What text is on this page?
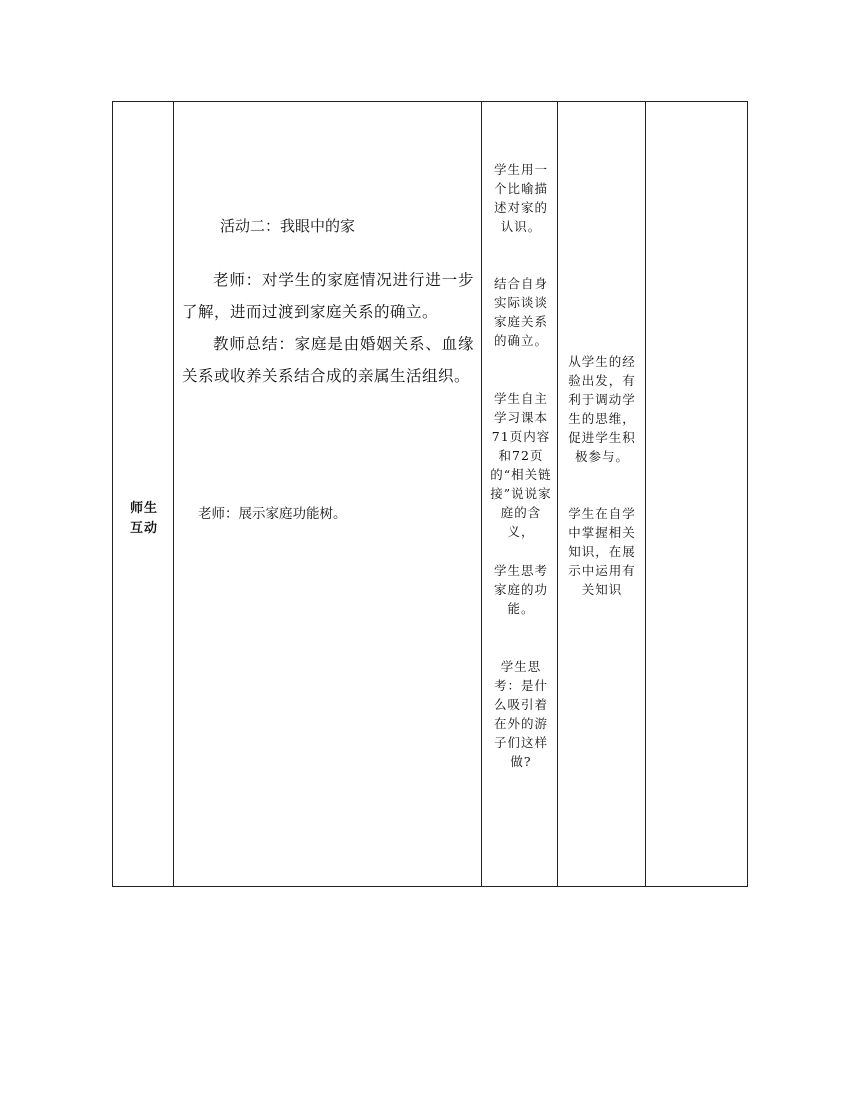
师生
互动
活动二：我眼中的家
老师：对学生的家庭情况进行进一步了解，进而过渡到家庭关系的确立。
教师总结：家庭是由婚姻关系、血缘关系或收养关系结合成的亲属生活组织。
老师：展示家庭功能树。
学生用一个比喻描述对家的认识。
结合自身实际谈谈家庭关系的确立。
学生自主学习课本71页内容和72页的“相关链接”说说家庭的含义，
学生思考家庭的功能。
学生思考：是什么吸引着在外的游子们这样做?
从学生的经验出发，有利于调动学生的思维，促进学生积极参与。
学生在自学中掌握相关知识，在展示中运用有关知识
